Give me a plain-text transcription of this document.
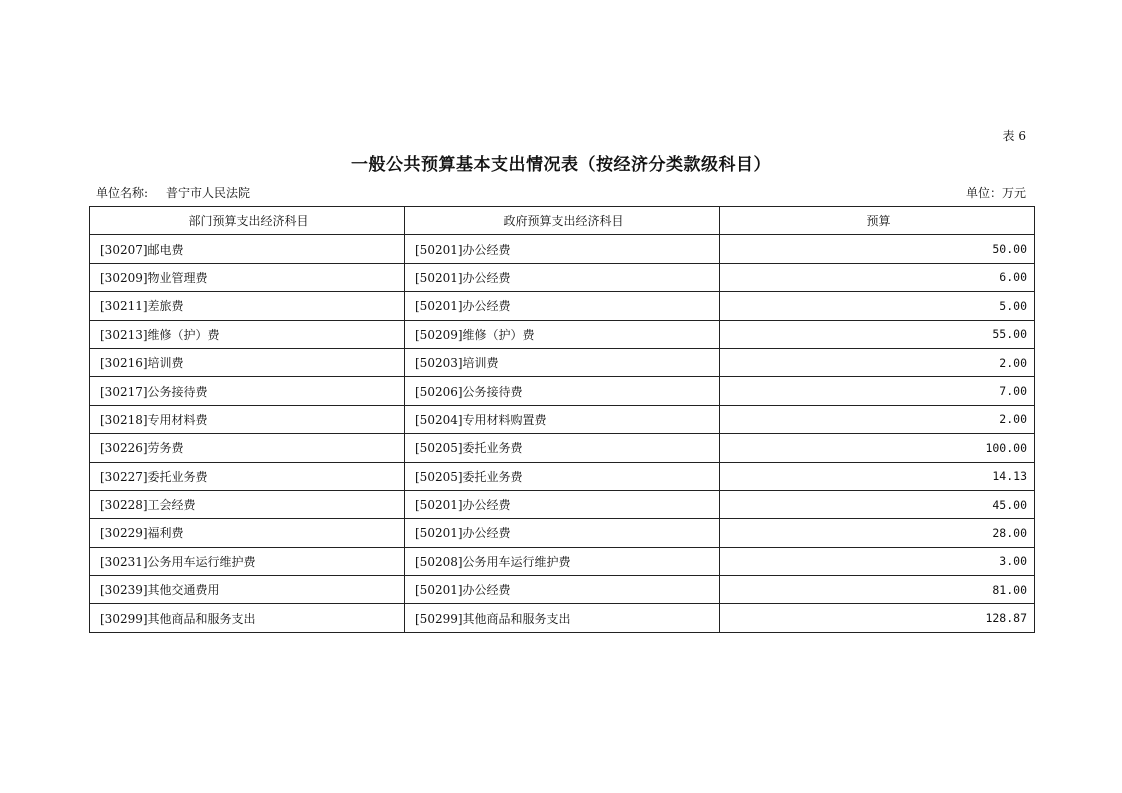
表 6
一般公共预算基本支出情况表（按经济分类款级科目）
单位名称: 普宁市人民法院	单位：万元
部门预算支出经济科目	政府预算支出经济科目	预算
[30207]邮电费	[50201]办公经费	50.00
[30209]物业管理费	[50201]办公经费	6.00
[30211]差旅费	[50201]办公经费	5.00
[30213]维修（护）费	[50209]维修（护）费	55.00
[30216]培训费	[50203]培训费	2.00
[30217]公务接待费	[50206]公务接待费	7.00
[30218]专用材料费	[50204]专用材料购置费	2.00
[30226]劳务费	[50205]委托业务费	100.00
[30227]委托业务费	[50205]委托业务费	14.13
[30228]工会经费	[50201]办公经费	45.00
[30229]福利费	[50201]办公经费	28.00
[30231]公务用车运行维护费	[50208]公务用车运行维护费	3.00
[30239]其他交通费用	[50201]办公经费	81.00
[30299]其他商品和服务支出	[50299]其他商品和服务支出	128.87
